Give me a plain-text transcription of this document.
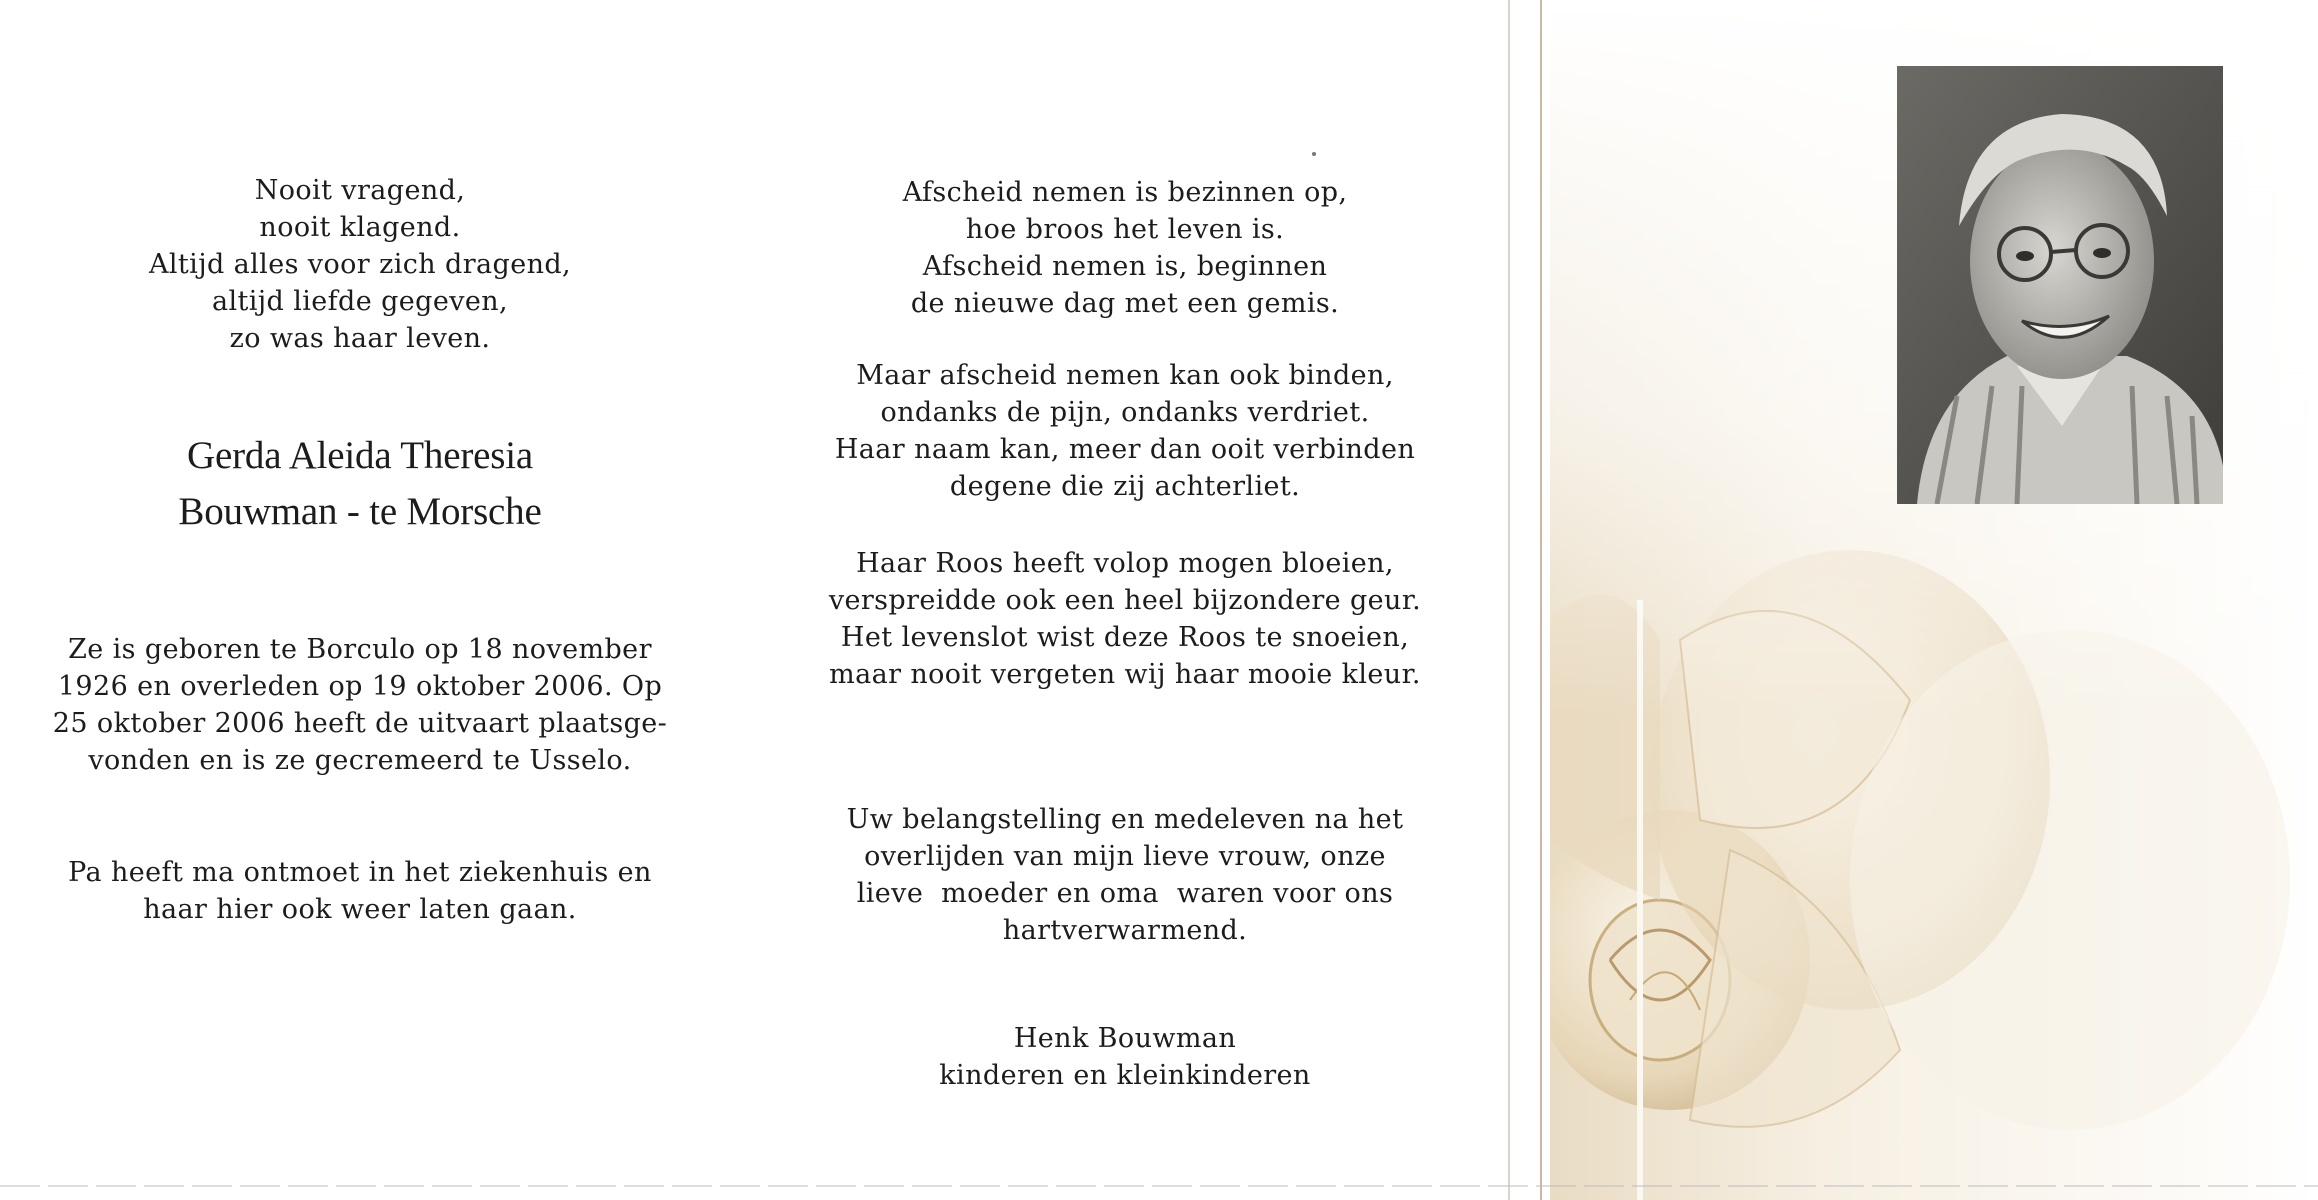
Nooit vragend,
nooit klagend.
Altijd alles voor zich dragend,
altijd liefde gegeven,
zo was haar leven.
Gerda Aleida Theresia
Bouwman - te Morsche
Ze is geboren te Borculo op 18 november
1926 en overleden op 19 oktober 2006. Op
25 oktober 2006 heeft de uitvaart plaatsge-
vonden en is ze gecremeerd te Usselo.
Pa heeft ma ontmoet in het ziekenhuis en
haar hier ook weer laten gaan.
Afscheid nemen is bezinnen op,
hoe broos het leven is.
Afscheid nemen is, beginnen
de nieuwe dag met een gemis.
Maar afscheid nemen kan ook binden,
ondanks de pijn, ondanks verdriet.
Haar naam kan, meer dan ooit verbinden
degene die zij achterliet.
Haar Roos heeft volop mogen bloeien,
verspreidde ook een heel bijzondere geur.
Het levenslot wist deze Roos te snoeien,
maar nooit vergeten wij haar mooie kleur.
Uw belangstelling en medeleven na het
overlijden van mijn lieve vrouw, onze
lieve  moeder en oma  waren voor ons
hartverwarmend.
Henk Bouwman
kinderen en kleinkinderen
